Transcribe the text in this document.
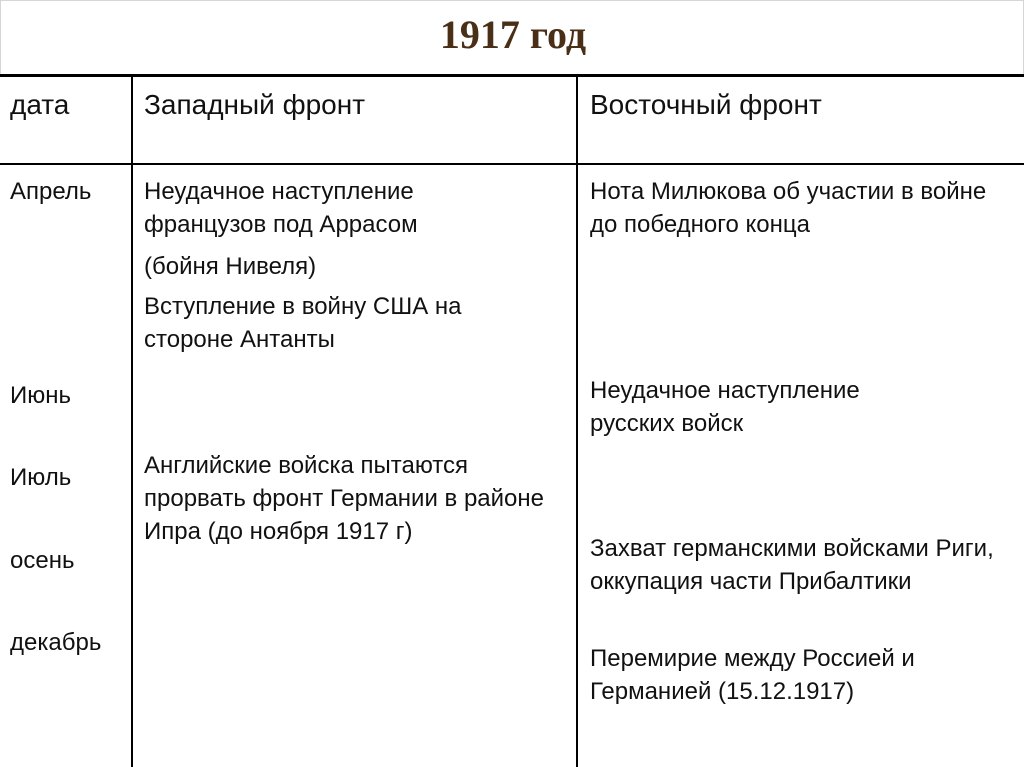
1917 год
дата	Западный фронт	Восточный фронт
Апрель
Июнь
Июль
осень
декабрь
Неудачное наступление французов под Аррасом
(бойня Нивеля)
Вступление в войну США на стороне Антанты
Английские войска пытаются прорвать фронт Германии в районе Ипра (до ноября 1917 г)
Нота Милюкова об участии в войне до победного конца
Неудачное наступление русских войск
Захват германскими войсками Риги, оккупация части Прибалтики
Перемирие между Россией и Германией (15.12.1917)
